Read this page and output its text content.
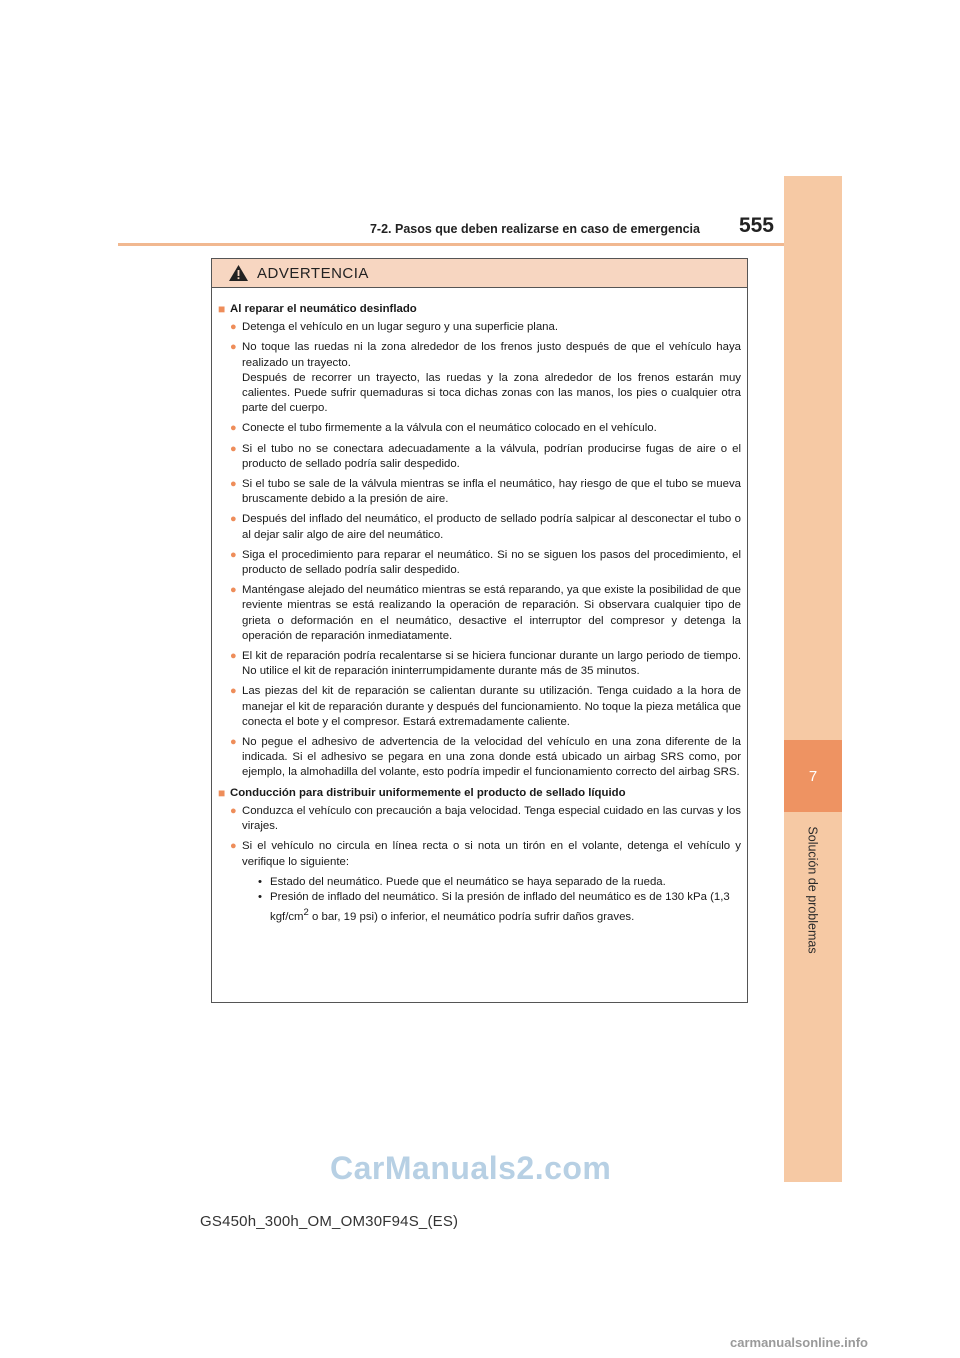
7
Solución de problemas
7-2. Pasos que deben realizarse en caso de emergencia	555
ADVERTENCIA
■ Al reparar el neumático desinflado
● Detenga el vehículo en un lugar seguro y una superficie plana.
● No toque las ruedas ni la zona alrededor de los frenos justo después de que el vehículo haya realizado un trayecto.
Después de recorrer un trayecto, las ruedas y la zona alrededor de los frenos estarán muy calientes. Puede sufrir quemaduras si toca dichas zonas con las manos, los pies o cualquier otra parte del cuerpo.
● Conecte el tubo firmemente a la válvula con el neumático colocado en el vehículo.
● Si el tubo no se conectara adecuadamente a la válvula, podrían producirse fugas de aire o el producto de sellado podría salir despedido.
● Si el tubo se sale de la válvula mientras se infla el neumático, hay riesgo de que el tubo se mueva bruscamente debido a la presión de aire.
● Después del inflado del neumático, el producto de sellado podría salpicar al desconectar el tubo o al dejar salir algo de aire del neumático.
● Siga el procedimiento para reparar el neumático. Si no se siguen los pasos del procedimiento, el producto de sellado podría salir despedido.
● Manténgase alejado del neumático mientras se está reparando, ya que existe la posibilidad de que reviente mientras se está realizando la operación de reparación. Si observara cualquier tipo de grieta o deformación en el neumático, desactive el interruptor del compresor y detenga la operación de reparación inmediatamente.
● El kit de reparación podría recalentarse si se hiciera funcionar durante un largo periodo de tiempo. No utilice el kit de reparación ininterrumpidamente durante más de 35 minutos.
● Las piezas del kit de reparación se calientan durante su utilización. Tenga cuidado a la hora de manejar el kit de reparación durante y después del funcionamiento. No toque la pieza metálica que conecta el bote y el compresor. Estará extremadamente caliente.
● No pegue el adhesivo de advertencia de la velocidad del vehículo en una zona diferente de la indicada. Si el adhesivo se pegara en una zona donde está ubicado un airbag SRS como, por ejemplo, la almohadilla del volante, esto podría impedir el funcionamiento correcto del airbag SRS.
■ Conducción para distribuir uniformemente el producto de sellado líquido
● Conduzca el vehículo con precaución a baja velocidad. Tenga especial cuidado en las curvas y los virajes.
● Si el vehículo no circula en línea recta o si nota un tirón en el volante, detenga el vehículo y verifique lo siguiente:
• Estado del neumático. Puede que el neumático se haya separado de la rueda.
• Presión de inflado del neumático. Si la presión de inflado del neumático es de 130 kPa (1,3 kgf/$cm^2$ o bar, 19 psi) o inferior, el neumático podría sufrir daños graves.
CarManuals2.com
GS450h_300h_OM_OM30F94S_(ES)
carmanualsonline.info
